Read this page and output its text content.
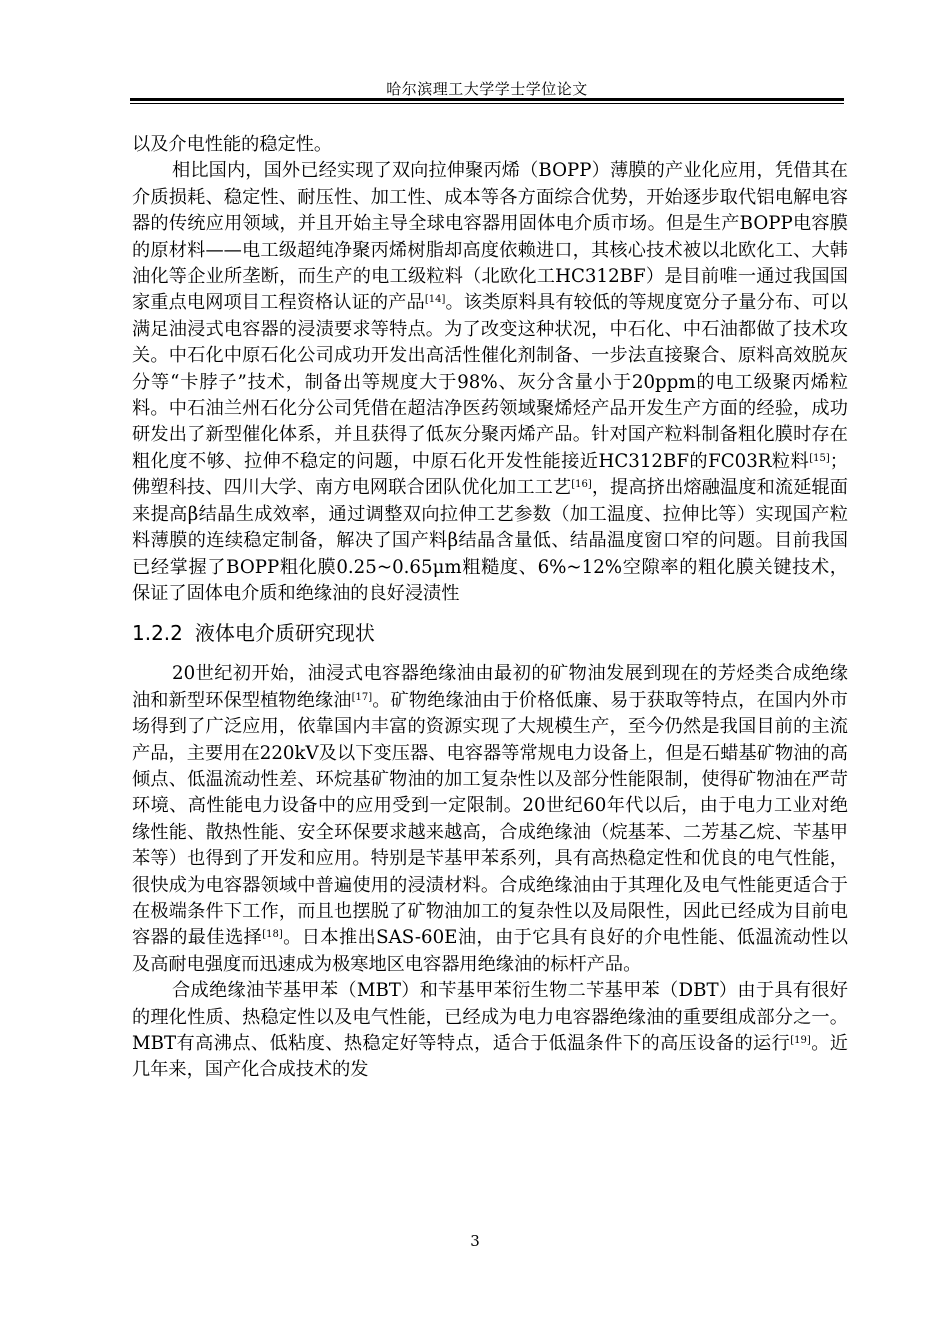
哈尔滨理工大学学士学位论文

以及介电性能的稳定性。

相比国内，国外已经实现了双向拉伸聚丙烯（BOPP）薄膜的产业化应用，凭借其在介质损耗、稳定性、耐压性、加工性、成本等各方面综合优势，开始逐步取代铝电解电容器的传统应用领域，并且开始主导全球电容器用固体电介质市场。但是生产BOPP电容膜的原材料——电工级超纯净聚丙烯树脂却高度依赖进口，其核心技术被以北欧化工、大韩油化等企业所垄断，而生产的电工级粒料（北欧化工HC312BF）是目前唯一通过我国国家重点电网项目工程资格认证的产品[14]。该类原料具有较低的等规度宽分子量分布、可以满足油浸式电容器的浸渍要求等特点。为了改变这种状况，中石化、中石油都做了技术攻关。中石化中原石化公司成功开发出高活性催化剂制备、一步法直接聚合、原料高效脱灰分等“卡脖子”技术，制备出等规度大于98%、灰分含量小于20ppm的电工级聚丙烯粒料。中石油兰州石化分公司凭借在超洁净医药领域聚烯烃产品开发生产方面的经验，成功研发出了新型催化体系，并且获得了低灰分聚丙烯产品。针对国产粒料制备粗化膜时存在粗化度不够、拉伸不稳定的问题，中原石化开发性能接近HC312BF的FC03R粒料[15]；佛塑科技、四川大学、南方电网联合团队优化加工工艺[16]，提高挤出熔融温度和流延辊面来提高β结晶生成效率，通过调整双向拉伸工艺参数（加工温度、拉伸比等）实现国产粒料薄膜的连续稳定制备，解决了国产料β结晶含量低、结晶温度窗口窄的问题。目前我国已经掌握了BOPP粗化膜0.25~0.65μm粗糙度、6%~12%空隙率的粗化膜关键技术，保证了固体电介质和绝缘油的良好浸渍性

1.2.2 液体电介质研究现状

20世纪初开始，油浸式电容器绝缘油由最初的矿物油发展到现在的芳烃类合成绝缘油和新型环保型植物绝缘油[17]。矿物绝缘油由于价格低廉、易于获取等特点，在国内外市场得到了广泛应用，依靠国内丰富的资源实现了大规模生产，至今仍然是我国目前的主流产品，主要用在220kV及以下变压器、电容器等常规电力设备上，但是石蜡基矿物油的高倾点、低温流动性差、环烷基矿物油的加工复杂性以及部分性能限制，使得矿物油在严苛环境、高性能电力设备中的应用受到一定限制。20世纪60年代以后，由于电力工业对绝缘性能、散热性能、安全环保要求越来越高，合成绝缘油（烷基苯、二芳基乙烷、苄基甲苯等）也得到了开发和应用。特别是苄基甲苯系列，具有高热稳定性和优良的电气性能，很快成为电容器领域中普遍使用的浸渍材料。合成绝缘油由于其理化及电气性能更适合于在极端条件下工作，而且也摆脱了矿物油加工的复杂性以及局限性，因此已经成为目前电容器的最佳选择[18]。日本推出SAS-60E油，由于它具有良好的介电性能、低温流动性以及高耐电强度而迅速成为极寒地区电容器用绝缘油的标杆产品。

合成绝缘油苄基甲苯（MBT）和苄基甲苯衍生物二苄基甲苯（DBT）由于具有很好的理化性质、热稳定性以及电气性能，已经成为电力电容器绝缘油的重要组成部分之一。MBT有高沸点、低粘度、热稳定好等特点，适合于低温条件下的高压设备的运行[19]。近几年来，国产化合成技术的发

3
